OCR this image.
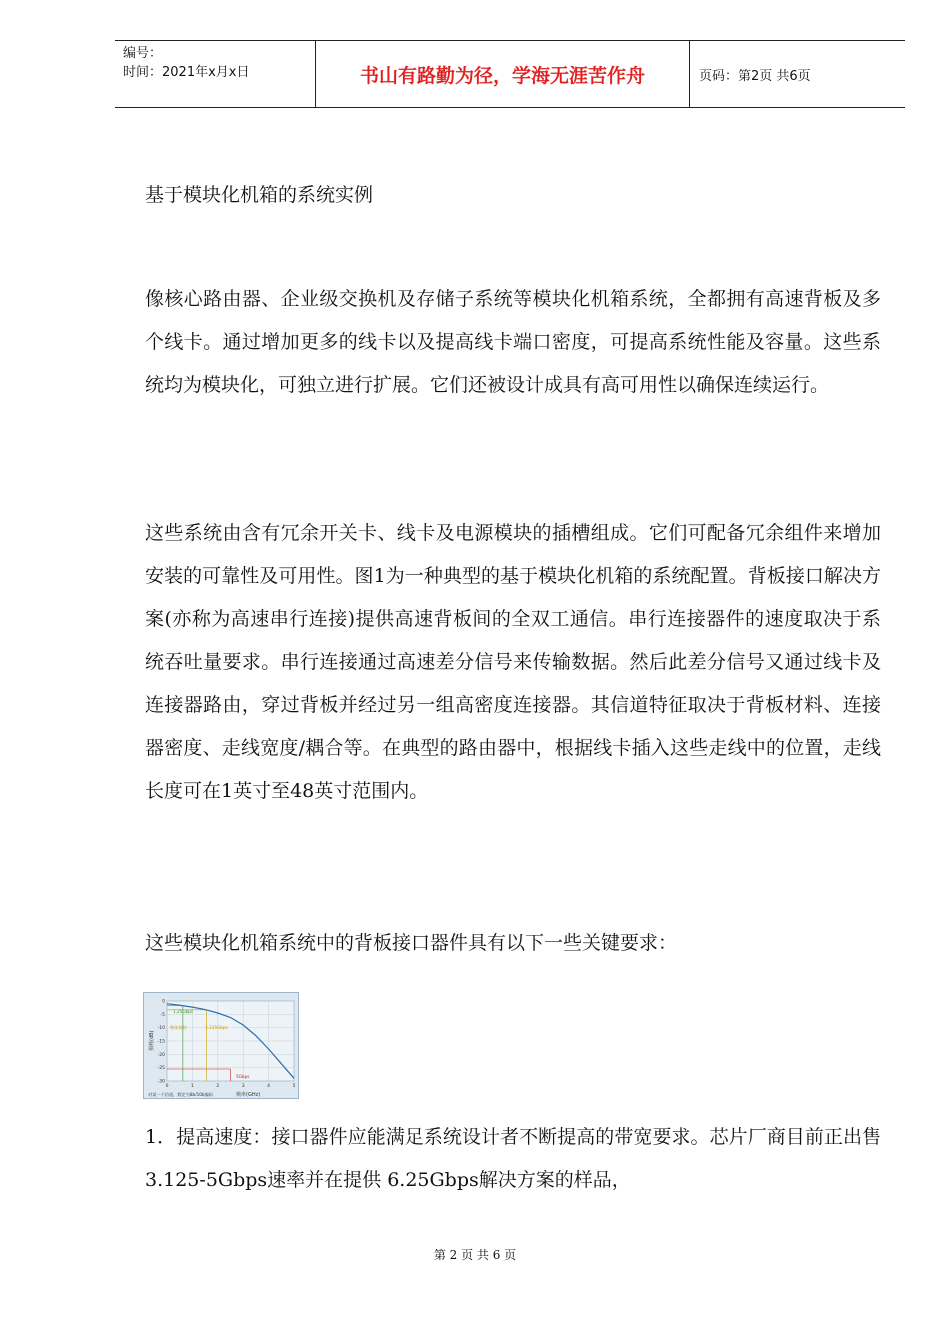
编号：
时间：2021年x月x日	书山有路勤为径，学海无涯苦作舟	页码：第2页 共6页
基于模块化机箱的系统实例
像核心路由器、企业级交换机及存储子系统等模块化机箱系统，全都拥有高速背板及多个线卡。通过增加更多的线卡以及提高线卡端口密度，可提高系统性能及容量。这些系统均为模块化，可独立进行扩展。它们还被设计成具有高可用性以确保连续运行。
这些系统由含有冗余开关卡、线卡及电源模块的插槽组成。它们可配备冗余组件来增加安装的可靠性及可用性。图1为一种典型的基于模块化机箱的系统配置。背板接口解决方案(亦称为高速串行连接)提供高速背板间的全双工通信。串行连接器件的速度取决于系统吞吐量要求。串行连接通过高速差分信号来传输数据。然后此差分信号又通过线卡及连接器路由，穿过背板并经过另一组高密度连接器。其信道特征取决于背板材料、连接器密度、走线宽度/耦合等。在典型的路由器中，根据线卡插入这些走线中的位置，走线长度可在1英寸至48英寸范围内。
这些模块化机箱系统中的背板接口器件具有以下一些关键要求：
0
-5
-10
-15
-20
-25
-30
0	1	2	3	4	5
损耗(dB)
频率(GHz)
对某一个信道，假定为8b/10b编码
1.25Gbps
整体损耗	3.125Gbps
5Gbps
1．提高速度：接口器件应能满足系统设计者不断提高的带宽要求。芯片厂商目前正出售3.125-5Gbps速率并在提供 6.25Gbps解决方案的样品，
第 2 页 共 6 页
